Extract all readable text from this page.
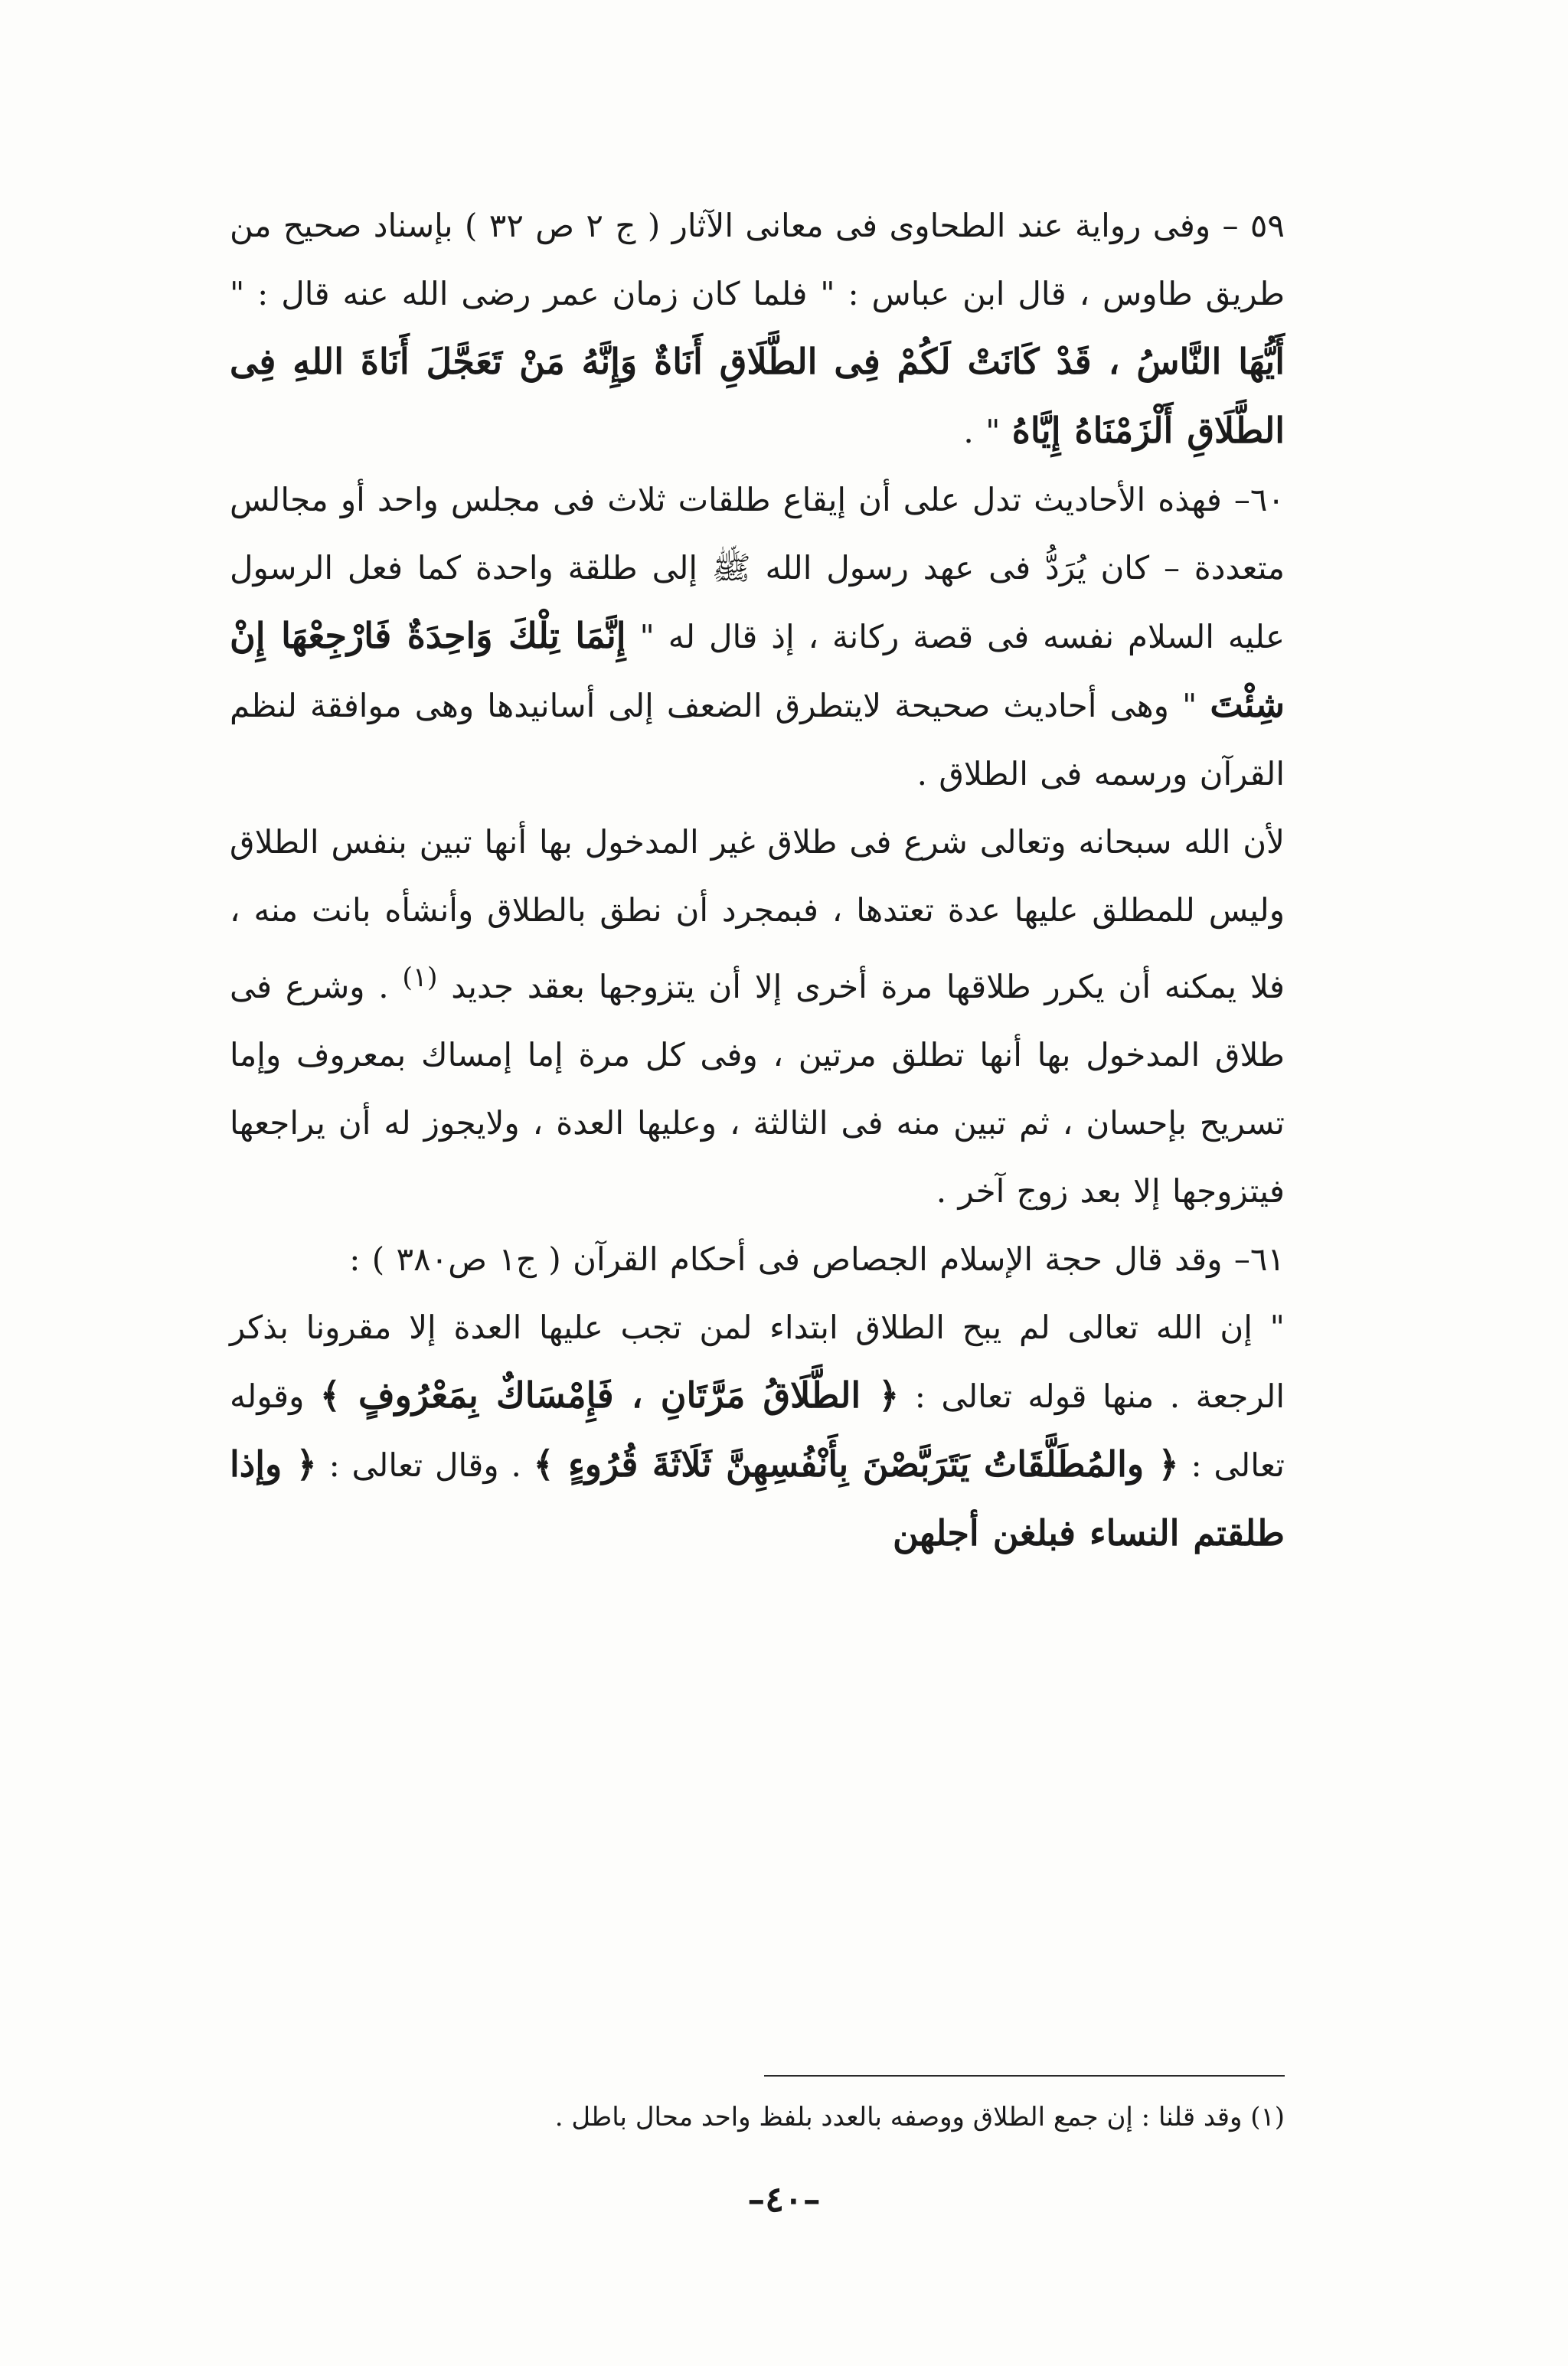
٥٩ – وفى رواية عند الطحاوى فى معانى الآثار ( ج ٢ ص ٣٢ ) بإسناد صحيح من طريق طاوس ، قال ابن عباس : " فلما كان زمان عمر رضى الله عنه قال : " أَيُّهَا النَّاسُ ، قَدْ كَانَتْ لَكُمْ فِى الطَّلَاقِ أَنَاةٌ وَإِنَّهُ مَنْ تَعَجَّلَ أَنَاةَ اللهِ فِى الطَّلَاقِ أَلْزَمْنَاهُ إِيَّاهُ " .

٦٠– فهذه الأحاديث تدل على أن إيقاع طلقات ثلاث فى مجلس واحد أو مجالس متعددة – كان يُرَدُّ فى عهد رسول الله ﷺ إلى طلقة واحدة كما فعل الرسول عليه السلام نفسه فى قصة ركانة ، إذ قال له " إِنَّمَا تِلْكَ وَاحِدَةٌ فَارْجِعْهَا إِنْ شِئْتَ " وهى أحاديث صحيحة لايتطرق الضعف إلى أسانيدها وهى موافقة لنظم القرآن ورسمه فى الطلاق .

لأن الله سبحانه وتعالى شرع فى طلاق غير المدخول بها أنها تبين بنفس الطلاق وليس للمطلق عليها عدة تعتدها ، فبمجرد أن نطق بالطلاق وأنشأه بانت منه ، فلا يمكنه أن يكرر طلاقها مرة أخرى إلا أن يتزوجها بعقد جديد $^{(١)}$ . وشرع فى طلاق المدخول بها أنها تطلق مرتين ، وفى كل مرة إما إمساك بمعروف وإما تسريح بإحسان ، ثم تبين منه فى الثالثة ، وعليها العدة ، ولايجوز له أن يراجعها فيتزوجها إلا بعد زوج آخر .

٦١– وقد قال حجة الإسلام الجصاص فى أحكام القرآن ( ج١ ص٣٨٠ ) :

" إن الله تعالى لم يبح الطلاق ابتداء لمن تجب عليها العدة إلا مقرونا بذكر الرجعة . منها قوله تعالى : ﴿ الطَّلَاقُ مَرَّتَانِ ، فَإِمْسَاكٌ بِمَعْرُوفٍ ﴾ وقوله تعالى : ﴿ والمُطَلَّقَاتُ يَتَرَبَّصْنَ بِأَنْفُسِهِنَّ ثَلَاثَةَ قُرُوءٍ ﴾ . وقال تعالى : ﴿ وإذا طلقتم النساء فبلغن أجلهن

(١) وقد قلنا : إن جمع الطلاق ووصفه بالعدد بلفظ واحد محال باطل .

–٤٠–
